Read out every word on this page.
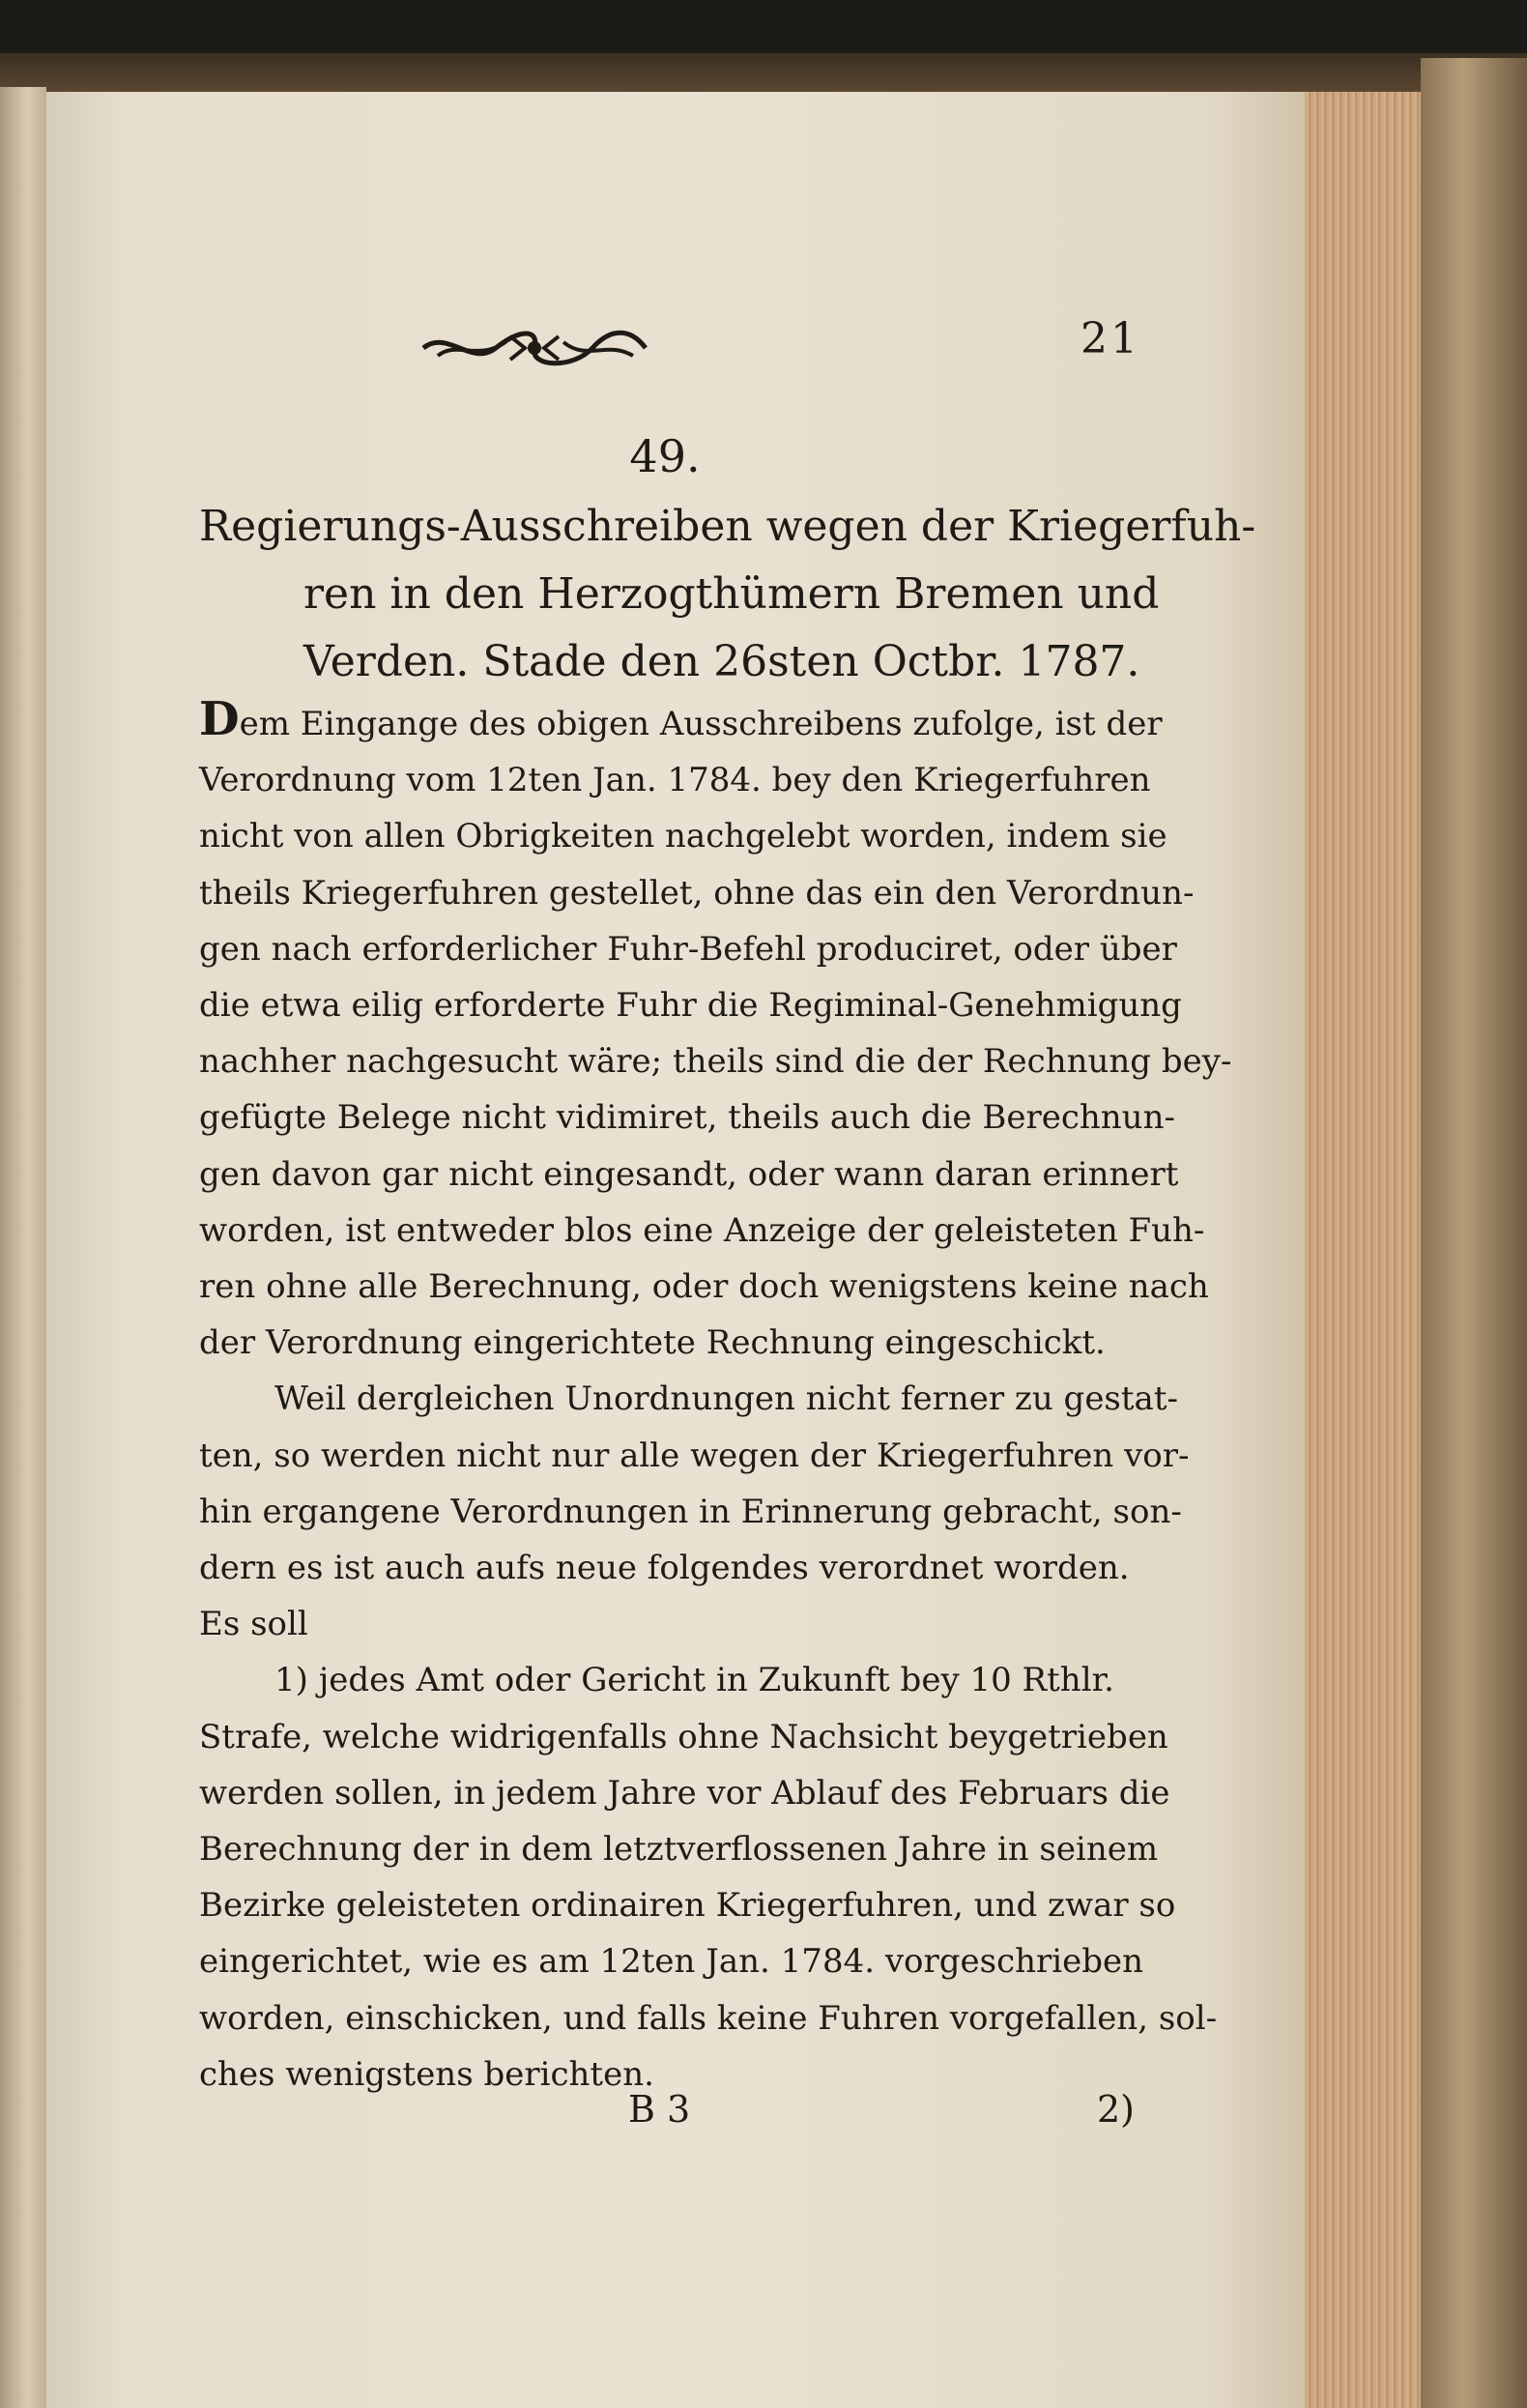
21
49.
Regierungs-Ausschreiben wegen der Kriegerfuh-
ren in den Herzogthümern Bremen und
Verden. Stade den 26sten Octbr. 1787.
Dem Eingange des obigen Ausschreibens zufolge, ist der
Verordnung vom 12ten Jan. 1784. bey den Kriegerfuhren
nicht von allen Obrigkeiten nachgelebt worden, indem sie
theils Kriegerfuhren gestellet, ohne das ein den Verordnun-
gen nach erforderlicher Fuhr-Befehl produciret, oder über
die etwa eilig erforderte Fuhr die Regiminal-Genehmigung
nachher nachgesucht wäre; theils sind die der Rechnung bey-
gefügte Belege nicht vidimiret, theils auch die Berechnun-
gen davon gar nicht eingesandt, oder wann daran erinnert
worden, ist entweder blos eine Anzeige der geleisteten Fuh-
ren ohne alle Berechnung, oder doch wenigstens keine nach
der Verordnung eingerichtete Rechnung eingeschickt.
Weil dergleichen Unordnungen nicht ferner zu gestat-
ten, so werden nicht nur alle wegen der Kriegerfuhren vor-
hin ergangene Verordnungen in Erinnerung gebracht, son-
dern es ist auch aufs neue folgendes verordnet worden.
Es soll
1) jedes Amt oder Gericht in Zukunft bey 10 Rthlr.
Strafe, welche widrigenfalls ohne Nachsicht beygetrieben
werden sollen, in jedem Jahre vor Ablauf des Februars die
Berechnung der in dem letztverflossenen Jahre in seinem
Bezirke geleisteten ordinairen Kriegerfuhren, und zwar so
eingerichtet, wie es am 12ten Jan. 1784. vorgeschrieben
worden, einschicken, und falls keine Fuhren vorgefallen, sol-
ches wenigstens berichten.
B 3	2)
